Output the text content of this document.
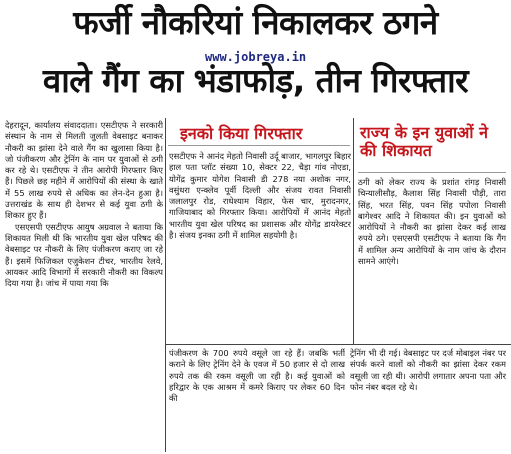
फर्जी नौकरियां निकालकर ठगने
www.jobreya.in
वाले गैंग का भंडाफोड़, तीन गिरफ्तार

देहरादून, कार्यालय संवाददाता। एसटीएफ ने सरकारी संस्थान के नाम से मिलती जुलती वेबसाइट बनाकर नौकरी का झांसा देने वाले गैंग का खुलासा किया है। जो पंजीकरण और ट्रेनिंग के नाम पर युवाओं से ठगी कर रहे थे। एसटीएफ ने तीन आरोपी गिरफ्तार किए हैं। पिछले छह महीने में आरोपियों की संस्था के खाते में 55 लाख रुपये से अधिक का लेन-देन हुआ है। उत्तराखंड के साथ ही देशभर से कई युवा ठगी के शिकार हुए हैं।

एसएसपी एसटीएफ आयुष अग्रवाल ने बताया कि शिकायत मिली थी कि भारतीय युवा खेल परिषद की वेबसाइट पर नौकरी के लिए पंजीकरण कराए जा रहे हैं। इसमें फिजिकल एजुकेशन टीचर, भारतीय रेलवे, आयकर आदि विभागों में सरकारी नौकरी का विकल्प दिया गया है। जांच में पाया गया कि

इनको किया गिरफ्तार

एसटीएफ ने आनंद मेहतो निवासी उर्दू बाजार, भागलपुर बिहार हाल पता प्लॉट संख्या 10, सेक्टर 22, चैड़ा गांव नोएडा, योगेंद्र कुमार योगेश निवासी डी 278 नया अशोक नगर, वसुंधरा एन्क्लेव पूर्वी दिल्ली और संजय रावत निवासी जलालपुर रोड, राधेश्याम विहार, फेस चार, मुरादनगर, गाजियाबाद को गिरफ्तार किया। आरोपियों में आनंद मेहतो भारतीय युवा खेल परिषद का प्रशासक और योगेंद्र डायरेक्टर है। संजय इनका ठगी में शामिल सहयोगी है।

राज्य के इन युवाओं ने की शिकायत

ठगी को लेकर राज्य के प्रशांत रांगड़ निवासी चिन्यालीसौड़, कैलाश सिंह निवासी पौड़ी, तारा सिंह, भरत सिंह, पवन सिंह पपोला निवासी बागेश्वर आदि ने शिकायत की। इन युवाओं को आरोपियों ने नौकरी का झांसा देकर कई लाख रुपये ठगे। एसएसपी एसटीएफ ने बताया कि गैंग में शामिल अन्य आरोपियों के नाम जांच के दौरान सामने आएंगे।

पंजीकरण के 700 रुपये वसूले जा रहे हैं। जबकि भर्ती कराने के लिए ट्रेनिंग देने के एवज में 50 हजार से दो लाख रुपये तक की रकम वसूली जा रही है। कई युवाओं को हरिद्वार के एक आश्रम में कमरे किराए पर लेकर 60 दिन की

ट्रेनिंग भी दी गई। वेबसाइट पर दर्ज मोबाइल नंबर पर संपर्क करने वालों को नौकरी का झांसा देकर रकम वसूली जा रही थी। आरोपी लगातार अपना पता और फोन नंबर बदल रहे थे।
